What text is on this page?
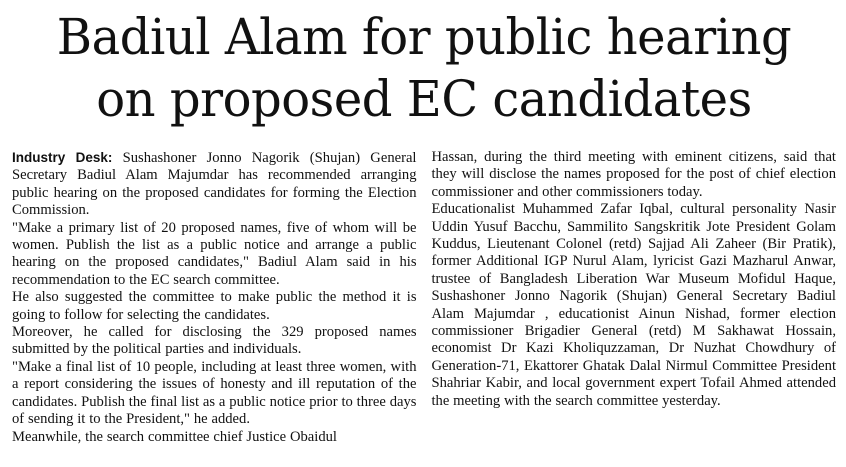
Badiul Alam for public hearing
on proposed EC candidates

Industry Desk: Sushashoner Jonno Nagorik (Shujan) General Secretary Badiul Alam Majumdar has recommended arranging public hearing on the proposed candidates for forming the Election Commission.

"Make a primary list of 20 proposed names, five of whom will be women. Publish the list as a public notice and arrange a public hearing on the proposed candidates," Badiul Alam said in his recommendation to the EC search committee.

He also suggested the committee to make public the method it is going to follow for selecting the candidates.

Moreover, he called for disclosing the 329 proposed names submitted by the political parties and individuals.

"Make a final list of 10 people, including at least three women, with a report considering the issues of honesty and ill reputation of the candidates. Publish the final list as a public notice prior to three days of sending it to the President," he added.

Meanwhile, the search committee chief Justice Obaidul

Hassan, during the third meeting with eminent citizens, said that they will disclose the names proposed for the post of chief election commissioner and other commissioners today.

Educationalist Muhammed Zafar Iqbal, cultural personality Nasir Uddin Yusuf Bacchu, Sammilito Sangskritik Jote President Golam Kuddus, Lieutenant Colonel (retd) Sajjad Ali Zaheer (Bir Pratik), former Additional IGP Nurul Alam, lyricist Gazi Mazharul Anwar, trustee of Bangladesh Liberation War Museum Mofidul Haque, Sushashoner Jonno Nagorik (Shujan) General Secretary Badiul Alam Majumdar , educationist Ainun Nishad, former election commissioner Brigadier General (retd) M Sakhawat Hossain, economist Dr Kazi Kholiquzzaman, Dr Nuzhat Chowdhury of Generation-71, Ekattorer Ghatak Dalal Nirmul Committee President Shahriar Kabir, and local government expert Tofail Ahmed attended the meeting with the search committee yesterday.
